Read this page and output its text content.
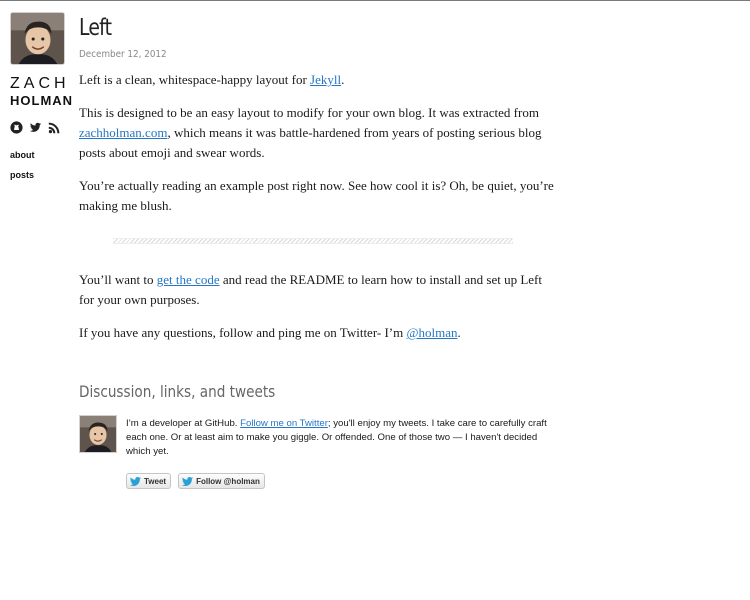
ZACH
HOLMAN
about
posts
Left
December 12, 2012

Left is a clean, whitespace-happy layout for Jekyll.

This is designed to be an easy layout to modify for your own blog. It was extracted from zachholman.com, which means it was battle-hardened from years of posting serious blog posts about emoji and swear words.

You’re actually reading an example post right now. See how cool it is? Oh, be quiet, you’re making me blush.

You’ll want to get the code and read the README to learn how to install and set up Left for your own purposes.

If you have any questions, follow and ping me on Twitter- I’m @holman.

Discussion, links, and tweets
I’m a developer at GitHub. Follow me on Twitter; you'll enjoy my tweets. I take care to carefully craft each one. Or at least aim to make you giggle. Or offended. One of those two — I haven't decided which yet.
Tweet	Follow @holman
